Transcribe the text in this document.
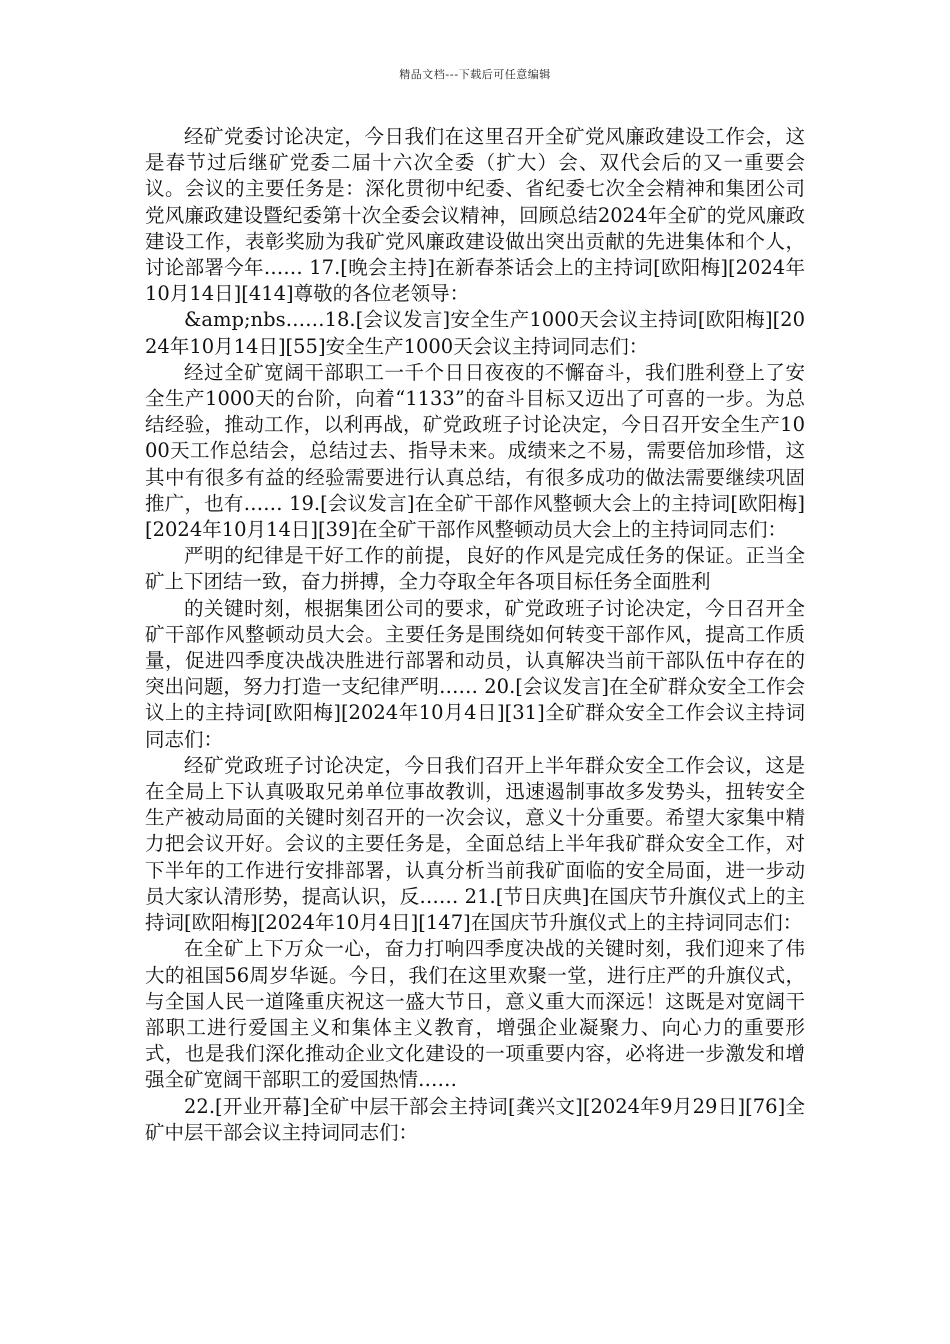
精品文档---下载后可任意编辑

经矿党委讨论决定，今日我们在这里召开全矿党风廉政建设工作会，这是春节过后继矿党委二届十六次全委（扩大）会、双代会后的又一重要会议。会议的主要任务是：深化贯彻中纪委、省纪委七次全会精神和集团公司党风廉政建设暨纪委第十次全委会议精神，回顾总结2024年全矿的党风廉政建设工作，表彰奖励为我矿党风廉政建设做出突出贡献的先进集体和个人，讨论部署今年…… 17.[晚会主持]在新春茶话会上的主持词[欧阳梅][2024年10月14日][414]尊敬的各位老领导：

&amp;nbs……18.[会议发言]安全生产1000天会议主持词[欧阳梅][2024年10月14日][55]安全生产1000天会议主持词同志们：

经过全矿宽阔干部职工一千个日日夜夜的不懈奋斗，我们胜利登上了安全生产1000天的台阶，向着“1133”的奋斗目标又迈出了可喜的一步。为总结经验，推动工作，以利再战，矿党政班子讨论决定，今日召开安全生产1000天工作总结会，总结过去、指导未来。成绩来之不易，需要倍加珍惜，这其中有很多有益的经验需要进行认真总结，有很多成功的做法需要继续巩固推广，也有…… 19.[会议发言]在全矿干部作风整顿大会上的主持词[欧阳梅][2024年10月14日][39]在全矿干部作风整顿动员大会上的主持词同志们：

严明的纪律是干好工作的前提，良好的作风是完成任务的保证。正当全矿上下团结一致，奋力拼搏，全力夺取全年各项目标任务全面胜利

的关键时刻，根据集团公司的要求，矿党政班子讨论决定，今日召开全矿干部作风整顿动员大会。主要任务是围绕如何转变干部作风，提高工作质量，促进四季度决战决胜进行部署和动员，认真解决当前干部队伍中存在的突出问题，努力打造一支纪律严明…… 20.[会议发言]在全矿群众安全工作会议上的主持词[欧阳梅][2024年10月4日][31]全矿群众安全工作会议主持词同志们：

经矿党政班子讨论决定，今日我们召开上半年群众安全工作会议，这是在全局上下认真吸取兄弟单位事故教训，迅速遏制事故多发势头，扭转安全生产被动局面的关键时刻召开的一次会议，意义十分重要。希望大家集中精力把会议开好。会议的主要任务是，全面总结上半年我矿群众安全工作，对下半年的工作进行安排部署，认真分析当前我矿面临的安全局面，进一步动员大家认清形势，提高认识，反…… 21.[节日庆典]在国庆节升旗仪式上的主持词[欧阳梅][2024年10月4日][147]在国庆节升旗仪式上的主持词同志们：

在全矿上下万众一心，奋力打响四季度决战的关键时刻，我们迎来了伟大的祖国56周岁华诞。今日，我们在这里欢聚一堂，进行庄严的升旗仪式，与全国人民一道隆重庆祝这一盛大节日，意义重大而深远！这既是对宽阔干部职工进行爱国主义和集体主义教育，增强企业凝聚力、向心力的重要形式，也是我们深化推动企业文化建设的一项重要内容，必将进一步激发和增强全矿宽阔干部职工的爱国热情……

22.[开业开幕]全矿中层干部会主持词[龚兴文][2024年9月29日][76]全矿中层干部会议主持词同志们：
